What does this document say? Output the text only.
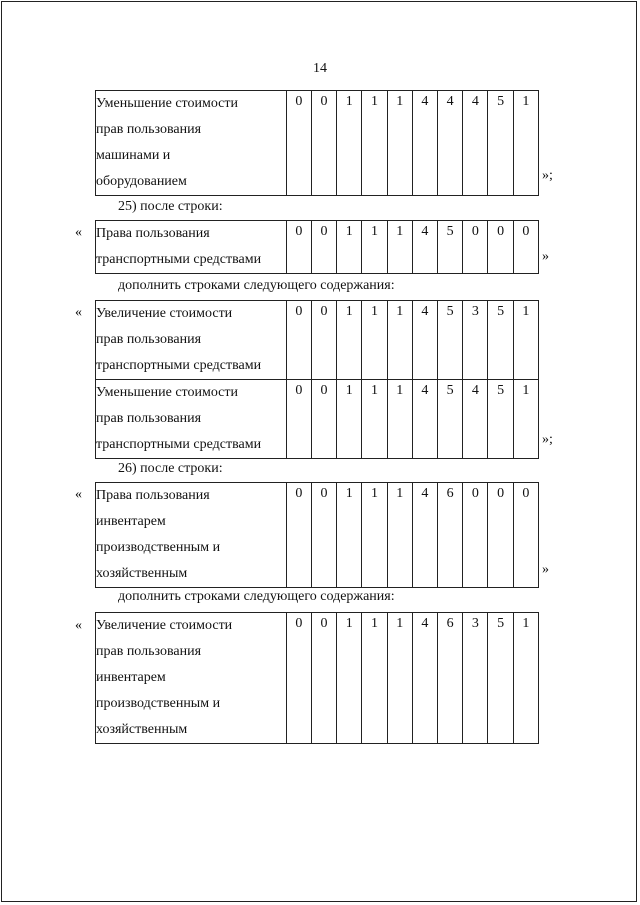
14
Уменьшение стоимости
прав пользования
машинами и
оборудованием

0	0	1	1	1	4	4	4	5	1
»;
25) после строки:
« Права пользования
транспортными средствами

0	0	1	1	1	4	5	0	0	0
»
дополнить строками следующего содержания:
« Увеличение стоимости
прав пользования
транспортными средствами	0	0	1	1	1	4	5	3	5	1

Уменьшение стоимости
прав пользования
транспортными средствами	0	0	1	1	1	4	5	4	5	1
»;
26) после строки:
« Права пользования
инвентарем
производственным и
хозяйственным

0	0	1	1	1	4	6	0	0	0
»
дополнить строками следующего содержания:
« Увеличение стоимости
прав пользования
инвентарем
производственным и
хозяйственным

0	0	1	1	1	4	6	3	5	1
